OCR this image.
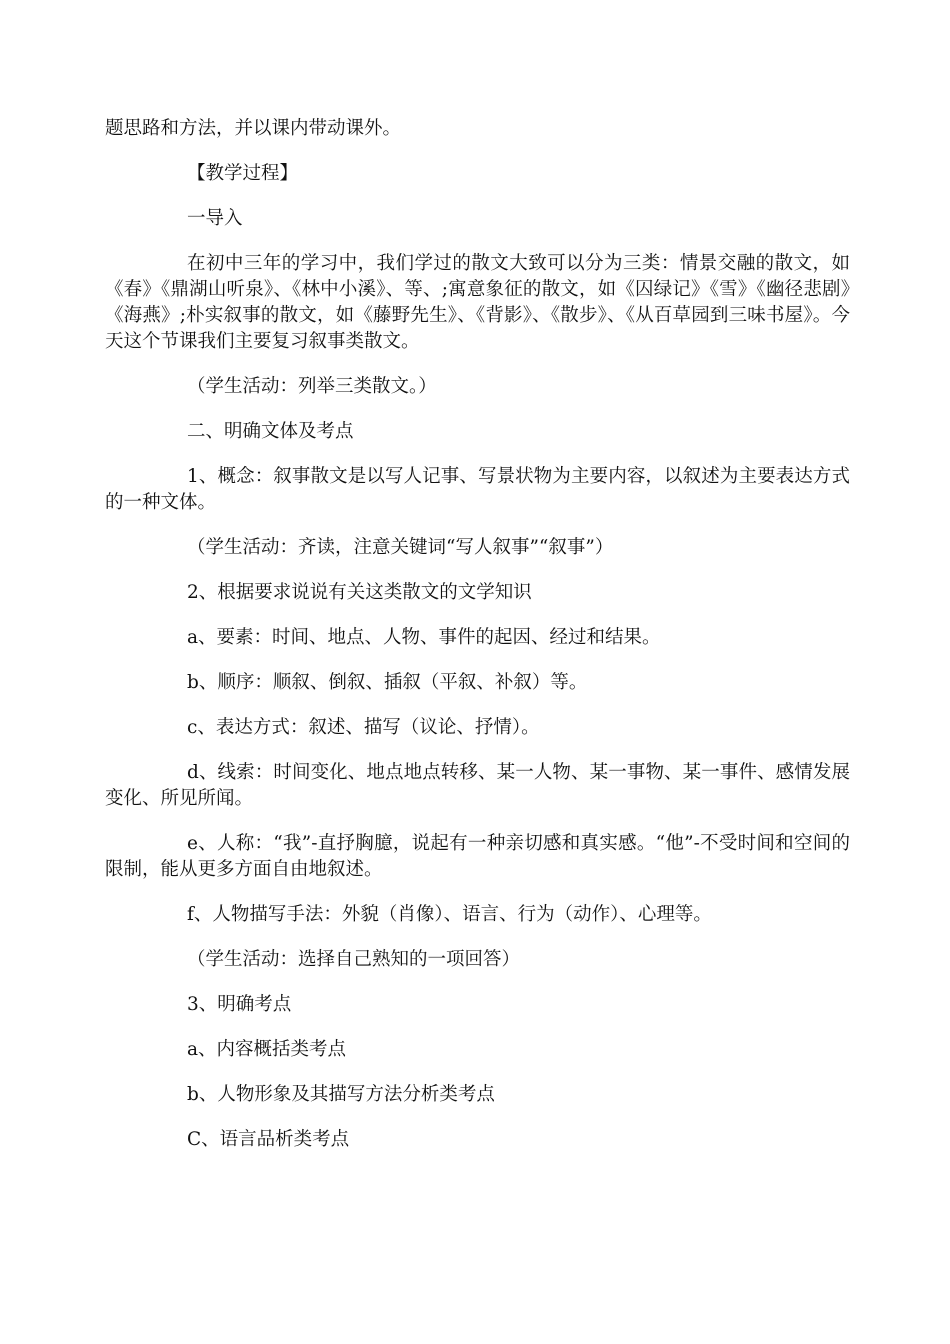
题思路和方法，并以课内带动课外。

【教学过程】

一导入

在初中三年的学习中，我们学过的散文大致可以分为三类：情景交融的散文，如《春》《鼎湖山听泉》、《林中小溪》、等、;寓意象征的散文，如《囚绿记》《雪》《幽径悲剧》《海燕》;朴实叙事的散文，如《藤野先生》、《背影》、《散步》、《从百草园到三味书屋》。今天这个节课我们主要复习叙事类散文。

（学生活动：列举三类散文。）

二、明确文体及考点

1、概念：叙事散文是以写人记事、写景状物为主要内容，以叙述为主要表达方式的一种文体。

（学生活动：齐读，注意关键词“写人叙事”“叙事”）

2、根据要求说说有关这类散文的文学知识

a、要素：时间、地点、人物、事件的起因、经过和结果。

b、顺序：顺叙、倒叙、插叙（平叙、补叙）等。

c、表达方式：叙述、描写（议论、抒情）。

d、线索：时间变化、地点地点转移、某一人物、某一事物、某一事件、感情发展变化、所见所闻。

e、人称：“我”-直抒胸臆，说起有一种亲切感和真实感。“他”-不受时间和空间的限制，能从更多方面自由地叙述。

f、人物描写手法：外貌（肖像）、语言、行为（动作）、心理等。

（学生活动：选择自己熟知的一项回答）

3、明确考点

a、内容概括类考点

b、人物形象及其描写方法分析类考点

C、语言品析类考点
